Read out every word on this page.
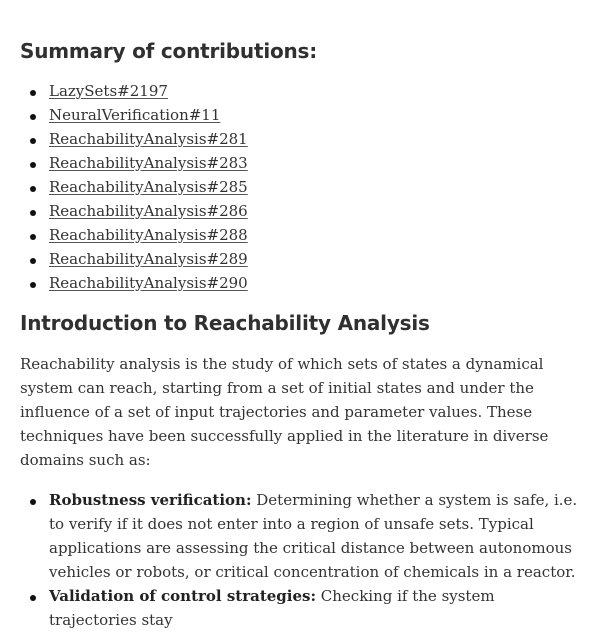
Summary of contributions:
LazySets#2197
NeuralVerification#11
ReachabilityAnalysis#281
ReachabilityAnalysis#283
ReachabilityAnalysis#285
ReachabilityAnalysis#286
ReachabilityAnalysis#288
ReachabilityAnalysis#289
ReachabilityAnalysis#290
Introduction to Reachability Analysis

Reachability analysis is the study of which sets of states a dynamical system can reach, starting from a set of initial states and under the influence of a set of input trajectories and parameter values. These techniques have been successfully applied in the literature in diverse domains such as:

Robustness verification: Determining whether a system is safe, i.e. to verify if it does not enter into a region of unsafe sets. Typical applications are assessing the critical distance between autonomous vehicles or robots, or critical concentration of chemicals in a reactor.
Validation of control strategies: Checking if the system trajectories stay
